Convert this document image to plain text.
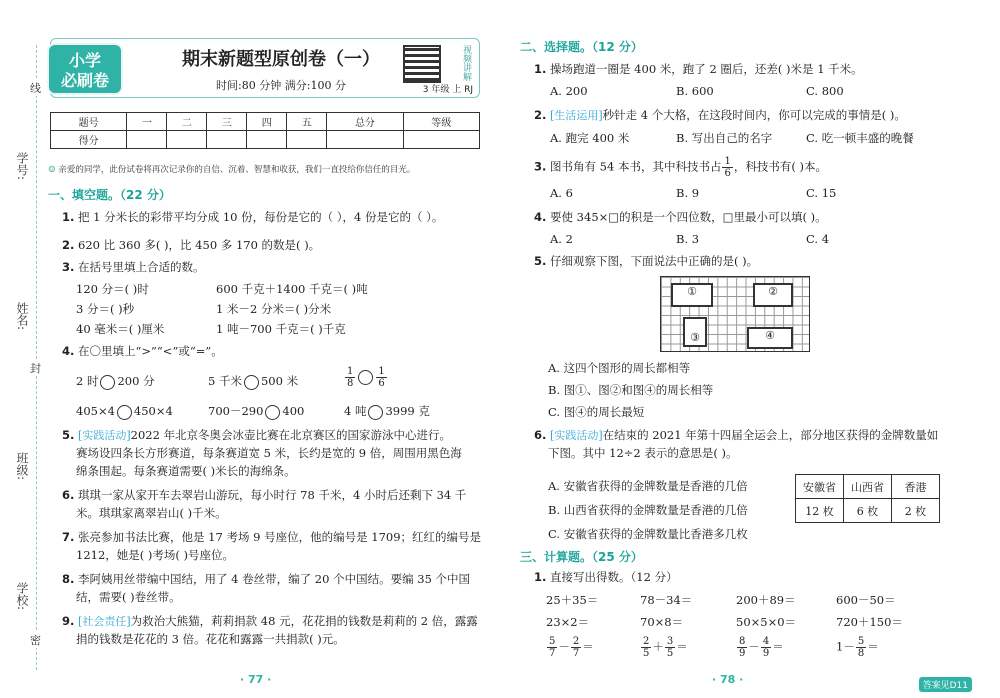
线
学号:
姓名:
封
班级:
学校:
密
小学
必刷卷
期末新题型原创卷（一）
时间:80 分钟 满分:100 分
视频讲解
3 年级 上 RJ
题号	一	二	三	四	五	总分	等级
得分							
☺ 亲爱的同学，此份试卷将再次记录你的自信、沉着、智慧和收获，我们一直投给你信任的目光。
一、填空题。（22 分）
1. 把 1 分米长的彩带平均分成 10 份，每份是它的（ ），4 份是它的（ ）。
2. 620 比 360 多( )，比 450 多 170 的数是( )。
3. 在括号里填上合适的数。
120 分＝( )时	600 千克＋1400 千克＝( )吨
3 分＝( )秒	1 米－2 分米＝( )分米
40 毫米＝( )厘米	1 吨－700 千克＝( )千克
4. 在〇里填上“>”“<”或“=”。
2 时 200 分	5 千米 500 米	$\frac{1}{8} \frac{1}{6}$
405×4 450×4	700－290 400	4 吨 3999 克
5. [实践活动]2022 年北京冬奥会冰壶比赛在北京赛区的国家游泳中心进行。
赛场设四条长方形赛道，每条赛道宽 5 米，长约是宽的 9 倍，周围用黑色海
绵条围起。每条赛道需要( )米长的海绵条。
6. 琪琪一家从家开车去翠岩山游玩，每小时行 78 千米，4 小时后还剩下 34 千
米。琪琪家离翠岩山( )千米。
7. 张亮参加书法比赛，他是 17 考场 9 号座位，他的编号是 1709；红红的编号是
1212，她是( )考场( )号座位。
8. 李阿姨用丝带编中国结，用了 4 卷丝带，编了 20 个中国结。要编 35 个中国
结，需要( )卷丝带。
9. [社会责任]为救治大熊猫，莉莉捐款 48 元，花花捐的钱数是莉莉的 2 倍，露露
捐的钱数是花花的 3 倍。花花和露露一共捐款( )元。
· 77 ·
二、选择题。（12 分）
1. 操场跑道一圈是 400 米，跑了 2 圈后，还差( )米是 1 千米。
A. 200	B. 600	C. 800
2. [生活运用]秒针走 4 个大格，在这段时间内，你可以完成的事情是( )。
A. 跑完 400 米	B. 写出自己的名字	C. 吃一顿丰盛的晚餐
3. 图书角有 54 本书，其中科技书占 $\frac{1}{6}$ ，科技书有( )本。
A. 6	B. 9	C. 15
4. 要使 345×□的积是一个四位数，□里最小可以填( )。
A. 2	B. 3	C. 4
5. 仔细观察下图，下面说法中正确的是( )。
①	②
③	④
A. 这四个图形的周长都相等
B. 图①、图②和图④的周长相等
C. 图④的周长最短
6. [实践活动]在结束的 2021 年第十四届全运会上，部分地区获得的金牌数量如
下图。其中 12÷2 表示的意思是( )。
A. 安徽省获得的金牌数量是香港的几倍
B. 山西省获得的金牌数量是香港的几倍
C. 安徽省获得的金牌数量比香港多几枚
安徽省	山西省	香港
12 枚	6 枚	2 枚
三、计算题。（25 分）
1. 直接写出得数。（12 分）
25＋35＝	78－34＝	200＋89＝	600－50＝
23×2＝	70×8＝	50×5×0＝	720＋150＝
$\frac{5}{7} - \frac{2}{7}$ ＝	$\frac{2}{5} + \frac{3}{5}$ ＝	$\frac{8}{9} - \frac{4}{9}$ ＝	$1- \frac{5}{8}$ ＝
· 78 ·	答案见D11
